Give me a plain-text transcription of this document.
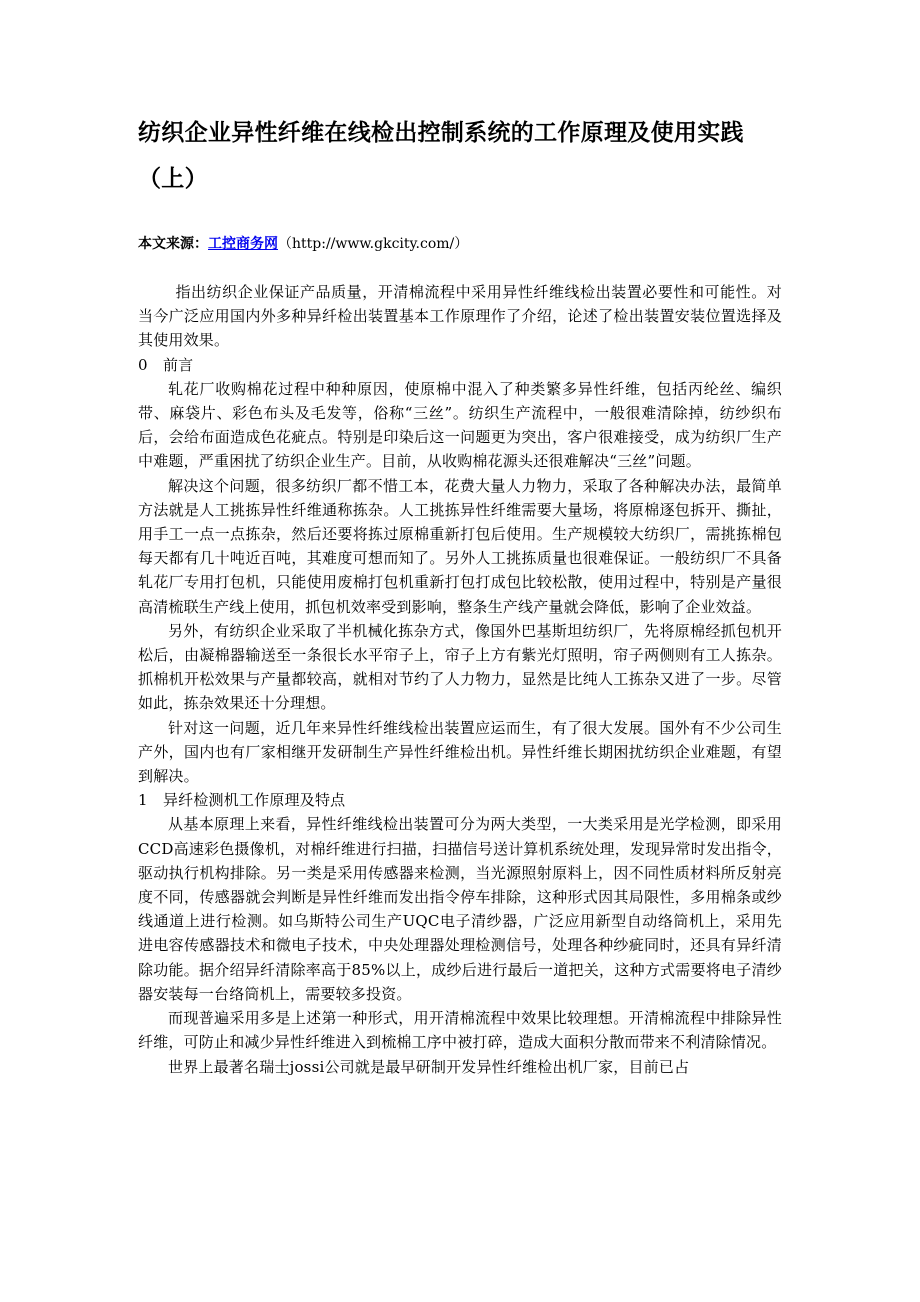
纺织企业异性纤维在线检出控制系统的工作原理及使用实践（上）
本文来源：工控商务网（http://www.gkcity.com/）

指出纺织企业保证产品质量，开清棉流程中采用异性纤维线检出装置必要性和可能性。对当今广泛应用国内外多种异纤检出装置基本工作原理作了介绍，论述了检出装置安装位置选择及其使用效果。

0　前言

轧花厂收购棉花过程中种种原因，使原棉中混入了种类繁多异性纤维，包括丙纶丝、编织带、麻袋片、彩色布头及毛发等，俗称“三丝”。纺织生产流程中，一般很难清除掉，纺纱织布后，会给布面造成色花疵点。特别是印染后这一问题更为突出，客户很难接受，成为纺织厂生产中难题，严重困扰了纺织企业生产。目前，从收购棉花源头还很难解决“三丝”问题。

解决这个问题，很多纺织厂都不惜工本，花费大量人力物力，采取了各种解决办法，最简单方法就是人工挑拣异性纤维通称拣杂。人工挑拣异性纤维需要大量场，将原棉逐包拆开、撕扯，用手工一点一点拣杂，然后还要将拣过原棉重新打包后使用。生产规模较大纺织厂，需挑拣棉包每天都有几十吨近百吨，其难度可想而知了。另外人工挑拣质量也很难保证。一般纺织厂不具备轧花厂专用打包机，只能使用废棉打包机重新打包打成包比较松散，使用过程中，特别是产量很高清梳联生产线上使用，抓包机效率受到影响，整条生产线产量就会降低，影响了企业效益。

另外，有纺织企业采取了半机械化拣杂方式，像国外巴基斯坦纺织厂，先将原棉经抓包机开松后，由凝棉器输送至一条很长水平帘子上，帘子上方有紫光灯照明，帘子两侧则有工人拣杂。抓棉机开松效果与产量都较高，就相对节约了人力物力，显然是比纯人工拣杂又进了一步。尽管如此，拣杂效果还十分理想。

针对这一问题，近几年来异性纤维线检出装置应运而生，有了很大发展。国外有不少公司生产外，国内也有厂家相继开发研制生产异性纤维检出机。异性纤维长期困扰纺织企业难题，有望到解决。

1　异纤检测机工作原理及特点

从基本原理上来看，异性纤维线检出装置可分为两大类型，一大类采用是光学检测，即采用CCD高速彩色摄像机，对棉纤维进行扫描，扫描信号送计算机系统处理，发现异常时发出指令，驱动执行机构排除。另一类是采用传感器来检测，当光源照射原料上，因不同性质材料所反射亮度不同，传感器就会判断是异性纤维而发出指令停车排除，这种形式因其局限性，多用棉条或纱线通道上进行检测。如乌斯特公司生产UQC电子清纱器，广泛应用新型自动络筒机上，采用先进电容传感器技术和微电子技术，中央处理器处理检测信号，处理各种纱疵同时，还具有异纤清除功能。据介绍异纤清除率高于85%以上，成纱后进行最后一道把关，这种方式需要将电子清纱器安装每一台络筒机上，需要较多投资。

而现普遍采用多是上述第一种形式，用开清棉流程中效果比较理想。开清棉流程中排除异性纤维，可防止和减少异性纤维进入到梳棉工序中被打碎，造成大面积分散而带来不利清除情况。

世界上最著名瑞士jossi公司就是最早研制开发异性纤维检出机厂家，目前已占
